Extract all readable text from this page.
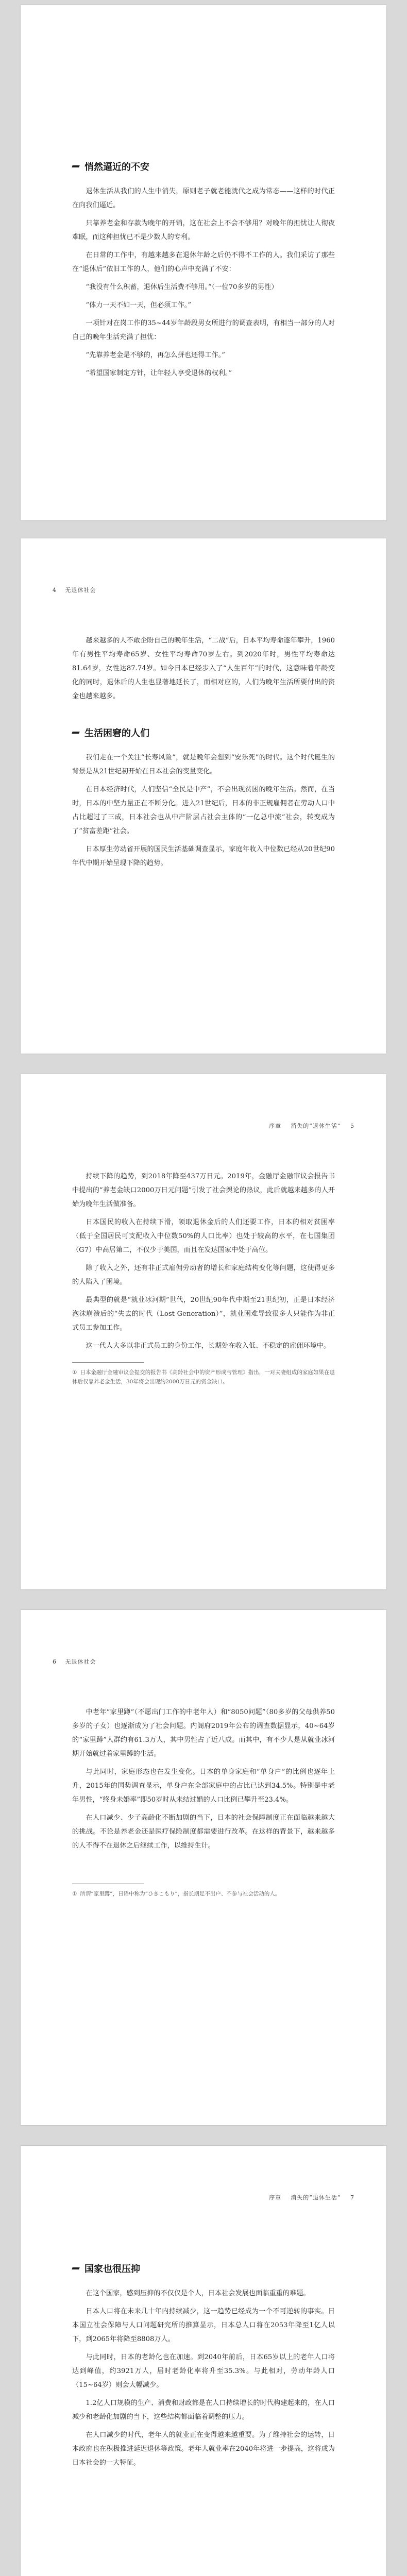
悄然逼近的不安

退休生活从我们的人生中消失，原则老子就老能就代之成为常态——这样的时代正在向我们逼近。

只靠养老金和存款为晚年的开销，这在社会上不会不够用？对晚年的担忧让人彻夜难眠，而这种担忧已不是少数人的专利。

在日常的工作中，有越来越多在退休年龄之后仍不得不工作的人。我们采访了那些在“退休后”依旧工作的人，他们的心声中充满了不安：

“我没有什么积蓄，退休后生活费不够用。”（一位70多岁的男性）

“体力一天不如一天，但必须工作。”

一项针对在岗工作的35~44岁年龄段男女所进行的调查表明，有相当一部分的人对自己的晚年生活充满了担忧：

“先靠养老金是不够的，再怎么拼也还得工作。”

“希望国家制定方针，让年轻人享受退休的权利。”

4 无退休社会

越来越多的人不敢企盼自己的晚年生活，“二战”后，日本平均寿命逐年攀升，1960年有男性平均寿命65岁、女性平均寿命70岁左右。到2020年时，男性平均寿命达81.64岁，女性达87.74岁。如今日本已经步入了“人生百年”的时代，这意味着年龄变化的同时，退休后的人生也显著地延长了，而相对应的，人们为晚年生活所要付出的资金也越来越多。

生活困窘的人们

我们走在一个关注“长寿风险”，就是晚年会想到“安乐死”的时代。这个时代诞生的背景是从21世纪初开始在日本社会的变量变化。

在日本经济时代，人们坚信“全民是中产”，不会出现贫困的晚年生活。然而，在当时，日本的中坚力量正在不断分化。进入21世纪后，日本的非正规雇佣者在劳动人口中占比超过了三成，日本社会也从中产阶层占社会主体的“一亿总中流”社会，转变成为了“贫富差距”社会。

日本厚生劳动省开展的国民生活基础调查显示，家庭年收入中位数已经从20世纪90年代中期开始呈现下降的趋势。

序章 消失的“退休生活” 5

持续下降的趋势，到2018年降至437万日元。2019年，金融厅金融审议会报告书中提出的“养老金缺口2000万日元问题”引发了社会舆论的热议，此后就越来越多的人开始为晚年生活做准备。

日本国民的收入在持续下滑，领取退休金后的人们还要工作，日本的相对贫困率（低于全国居民可支配收入中位数50%的人口比率）也处于较高的水平，在七国集团（G7）中高居第二，不仅少于美国，而且在发达国家中处于高位。

除了收入之外，还有非正式雇佣劳动者的增长和家庭结构变化等问题，这使得更多的人陷入了困境。

最典型的就是“就业冰河期”世代，20世纪90年代中期至21世纪初，正是日本经济泡沫崩溃后的“失去的时代（Lost Generation）”，就业困难导致很多人只能作为非正式员工参加工作。

这一代人大多以非正式员工的身份工作，长期处在收入低、不稳定的雇佣环境中。

① 日本金融厅金融审议会提交的报告书《高龄社会中的资产形成与管理》指出，一对夫妻组成的家庭如果在退休后仅靠养老金生活，30年将会出现约2000万日元的资金缺口。
6 无退休社会

中老年“家里蹲”（不愿出门工作的中老年人）和“8050问题”（80多岁的父母供养50多岁的子女）也逐渐成为了社会问题。内阁府2019年公布的调查数据显示，40~64岁的“家里蹲”人群约有61.3万人，其中男性占了近八成。而其中，有不少人是从就业冰河期开始就过着家里蹲的生活。

与此同时，家庭形态也在发生变化。日本的单身家庭和“单身户”的比例也逐年上升，2015年的国势调查显示，单身户在全部家庭中的占比已达到34.5%。特别是中老年男性，“终身未婚率”即50岁时从未结过婚的人口比例已攀升至23.4%。

在人口减少、少子高龄化不断加剧的当下，日本的社会保障制度正在面临越来越大的挑战。不论是养老金还是医疗保险制度都需要进行改革。在这样的背景下，越来越多的人不得不在退休之后继续工作，以维持生计。

① 所谓“家里蹲”，日语中称为“ひきこもり”，指长期足不出户、不参与社会活动的人。
序章 消失的“退休生活” 7
国家也很压抑

在这个国家，感到压抑的不仅仅是个人，日本社会发展也面临重重的难题。

日本人口将在未来几十年内持续减少，这一趋势已经成为一个不可逆转的事实。日本国立社会保障与人口问题研究所的推算显示，日本总人口将在2053年降至1亿人以下，到2065年将降至8808万人。

与此同时，日本的老龄化也在加速。到2040年前后，日本65岁以上的老年人口将达到峰值，约3921万人，届时老龄化率将升至35.3%。与此相对，劳动年龄人口（15~64岁）则会大幅减少。

1.2亿人口规模的生产、消费和财政都是在人口持续增长的时代构建起来的，在人口减少和老龄化加剧的当下，这些结构都面临着调整的压力。

在人口减少的时代，老年人的就业正在变得越来越重要。为了维持社会的运转，日本政府也在积极推进延迟退休等政策。老年人就业率在2040年将进一步提高，这将成为日本社会的一大特征。
